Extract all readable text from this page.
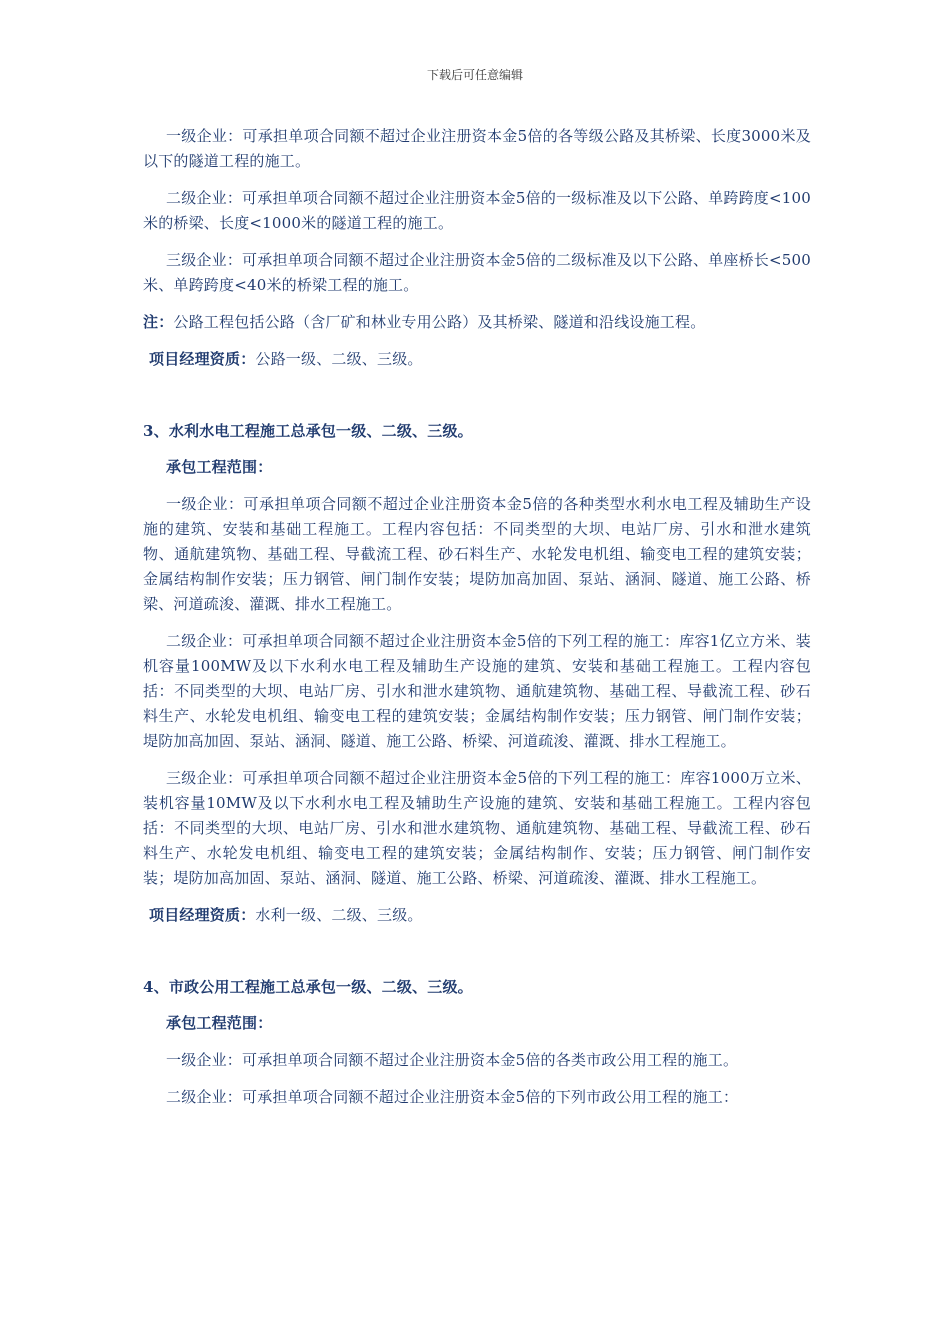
下载后可任意编辑

一级企业：可承担单项合同额不超过企业注册资本金5倍的各等级公路及其桥梁、长度3000米及以下的隧道工程的施工。

二级企业：可承担单项合同额不超过企业注册资本金5倍的一级标准及以下公路、单跨跨度<100米的桥梁、长度<1000米的隧道工程的施工。

三级企业：可承担单项合同额不超过企业注册资本金5倍的二级标准及以下公路、单座桥长<500米、单跨跨度<40米的桥梁工程的施工。

注：公路工程包括公路（含厂矿和林业专用公路）及其桥梁、隧道和沿线设施工程。

项目经理资质：公路一级、二级、三级。

3、水利水电工程施工总承包一级、二级、三级。

承包工程范围：

一级企业：可承担单项合同额不超过企业注册资本金5倍的各种类型水利水电工程及辅助生产设施的建筑、安装和基础工程施工。工程内容包括：不同类型的大坝、电站厂房、引水和泄水建筑物、通航建筑物、基础工程、导截流工程、砂石料生产、水轮发电机组、输变电工程的建筑安装；金属结构制作安装；压力钢管、闸门制作安装；堤防加高加固、泵站、涵洞、隧道、施工公路、桥梁、河道疏浚、灌溉、排水工程施工。

二级企业：可承担单项合同额不超过企业注册资本金5倍的下列工程的施工：库容1亿立方米、装机容量100MW及以下水利水电工程及辅助生产设施的建筑、安装和基础工程施工。工程内容包括：不同类型的大坝、电站厂房、引水和泄水建筑物、通航建筑物、基础工程、导截流工程、砂石料生产、水轮发电机组、输变电工程的建筑安装；金属结构制作安装；压力钢管、闸门制作安装；堤防加高加固、泵站、涵洞、隧道、施工公路、桥梁、河道疏浚、灌溉、排水工程施工。

三级企业：可承担单项合同额不超过企业注册资本金5倍的下列工程的施工：库容1000万立米、装机容量10MW及以下水利水电工程及辅助生产设施的建筑、安装和基础工程施工。工程内容包括：不同类型的大坝、电站厂房、引水和泄水建筑物、通航建筑物、基础工程、导截流工程、砂石料生产、水轮发电机组、输变电工程的建筑安装；金属结构制作、安装；压力钢管、闸门制作安装；堤防加高加固、泵站、涵洞、隧道、施工公路、桥梁、河道疏浚、灌溉、排水工程施工。

项目经理资质：水利一级、二级、三级。

4、市政公用工程施工总承包一级、二级、三级。

承包工程范围：

一级企业：可承担单项合同额不超过企业注册资本金5倍的各类市政公用工程的施工。

二级企业：可承担单项合同额不超过企业注册资本金5倍的下列市政公用工程的施工：
